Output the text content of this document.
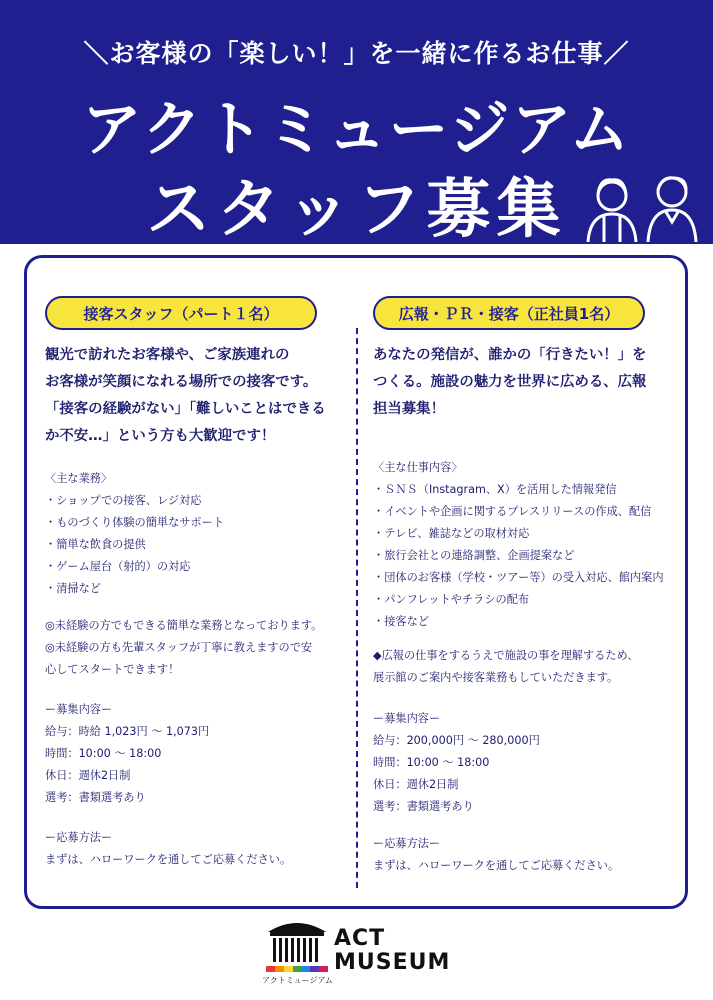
＼お客様の「楽しい！」を一緒に作るお仕事／
アクトミュージアム
スタッフ募集
接客スタッフ（パート１名）
観光で訪れたお客様や、ご家族連れの
お客様が笑顔になれる場所での接客です。
「接客の経験がない」「難しいことはできる
か不安…」という方も大歓迎です！
〈主な業務〉
・ショップでの接客、レジ対応
・ものづくり体験の簡単なサポート
・簡単な飲食の提供
・ゲーム屋台（射的）の対応
・清掃など
◎未経験の方でもできる簡単な業務となっております。
◎未経験の方も先輩スタッフが丁寧に教えますので安
心してスタートできます！
ー募集内容ー
給与：時給 1,023円 ～ 1,073円
時間：10:00 ～ 18:00
休日：週休2日制
選考：書類選考あり
ー応募方法ー
まずは、ハローワークを通してご応募ください。
広報・ＰＲ・接客（正社員1名）
あなたの発信が、誰かの「行きたい！」を
つくる。施設の魅力を世界に広める、広報
担当募集！
〈主な仕事内容〉
・ＳＮＳ（Instagram、X）を活用した情報発信
・イベントや企画に関するプレスリリースの作成、配信
・テレビ、雑誌などの取材対応
・旅行会社との連絡調整、企画提案など
・団体のお客様（学校・ツアー等）の受入対応、館内案内
・パンフレットやチラシの配布
・接客など
◆広報の仕事をするうえで施設の事を理解するため、
展示館のご案内や接客業務もしていただきます。
ー募集内容ー
給与：200,000円 ～ 280,000円
時間：10:00 ～ 18:00
休日：週休2日制
選考：書類選考あり
ー応募方法ー
まずは、ハローワークを通してご応募ください。
ACT
MUSEUM
アクトミュージアム
